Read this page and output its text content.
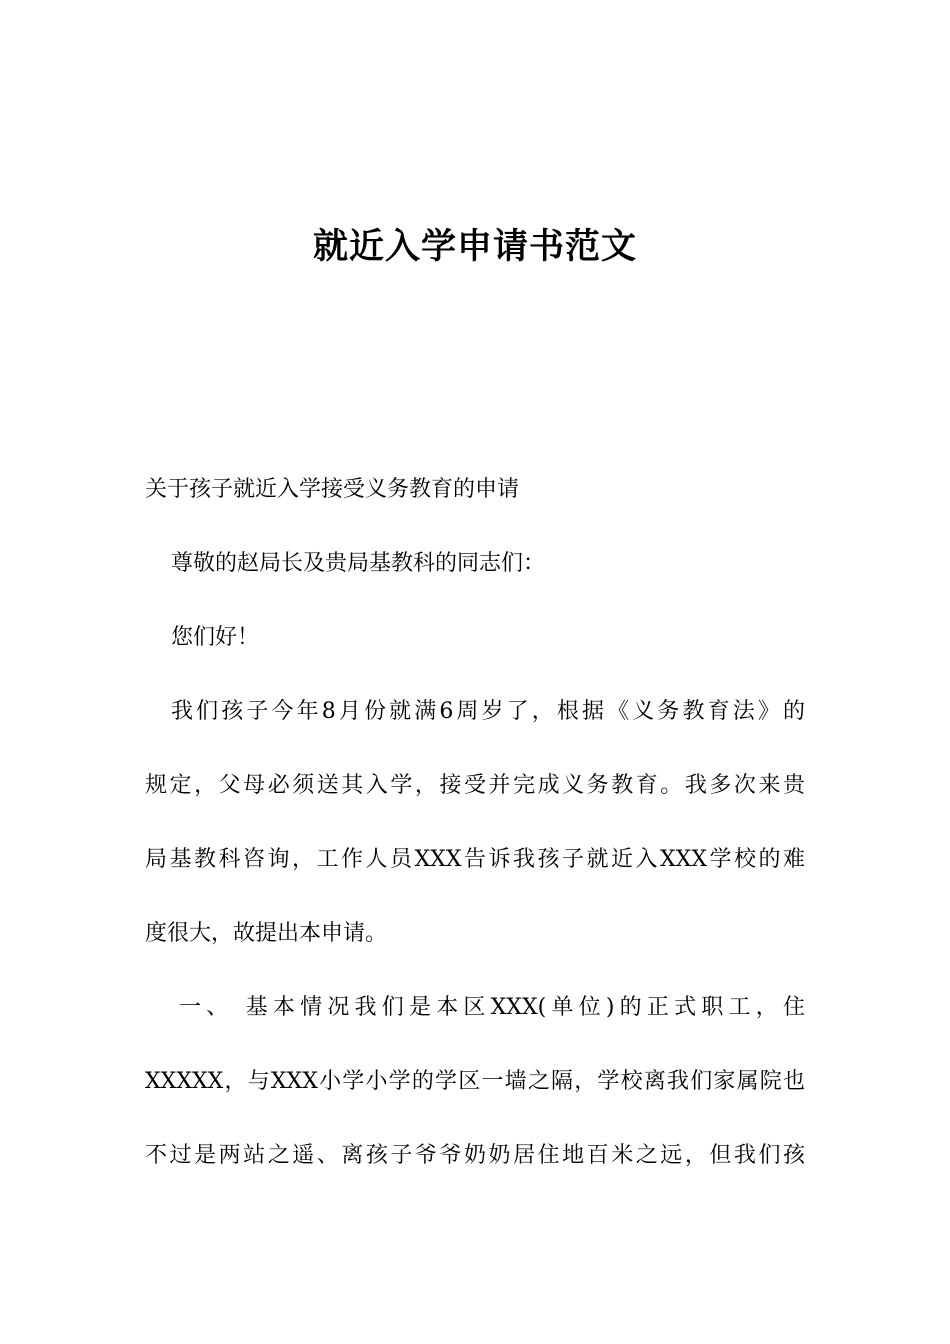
就近入学申请书范文
关于孩子就近入学接受义务教育的申请
尊敬的赵局长及贵局基教科的同志们：
您们好！
我们孩子今年8月份就满6周岁了，根据《义务教育法》的
规定，父母必须送其入学，接受并完成义务教育。我多次来贵
局基教科咨询，工作人员XXX告诉我孩子就近入XXX学校的难
度很大，故提出本申请。
一、 基本情况我们是本区XXX(单位)的正式职工，住
XXXXX，与XXX小学小学的学区一墙之隔，学校离我们家属院也
不过是两站之遥、离孩子爷爷奶奶居住地百米之远，但我们孩
